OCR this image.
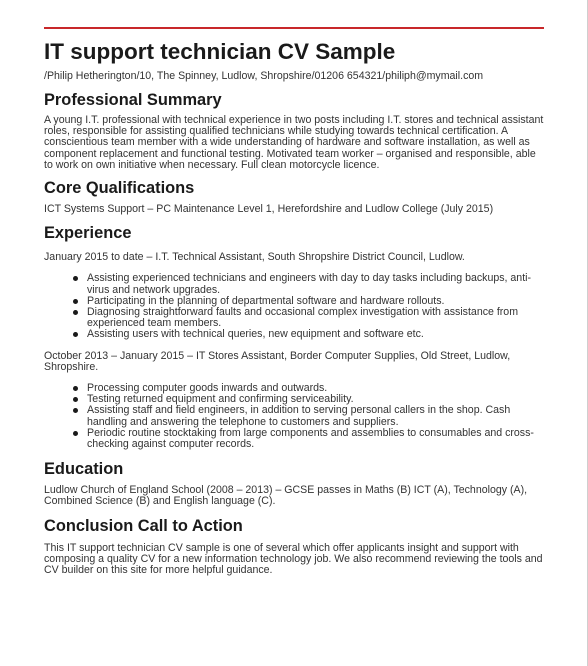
IT support technician CV Sample
/Philip Hetherington/10, The Spinney, Ludlow, Shropshire/01206 654321/philiph@mymail.com
Professional Summary

A young I.T. professional with technical experience in two posts including I.T. stores and technical assistant roles, responsible for assisting qualified technicians while studying towards technical certification. A conscientious team member with a wide understanding of hardware and software installation, as well as component replacement and functional testing. Motivated team worker – organised and responsible, able to work on own initiative when necessary. Full clean motorcycle licence.

Core Qualifications

ICT Systems Support – PC Maintenance Level 1, Herefordshire and Ludlow College (July 2015)

Experience

January 2015 to date – I.T. Technical Assistant, South Shropshire District Council, Ludlow.

Assisting experienced technicians and engineers with day to day tasks including backups, anti-virus and network upgrades.
Participating in the planning of departmental software and hardware rollouts.
Diagnosing straightforward faults and occasional complex investigation with assistance from experienced team members.
Assisting users with technical queries, new equipment and software etc.

October 2013 – January 2015 – IT Stores Assistant, Border Computer Supplies, Old Street, Ludlow, Shropshire.

Processing computer goods inwards and outwards.
Testing returned equipment and confirming serviceability.
Assisting staff and field engineers, in addition to serving personal callers in the shop. Cash handling and answering the telephone to customers and suppliers.
Periodic routine stocktaking from large components and assemblies to consumables and cross-checking against computer records.
Education

Ludlow Church of England School (2008 – 2013) – GCSE passes in Maths (B) ICT (A), Technology (A), Combined Science (B) and English language (C).

Conclusion Call to Action

This IT support technician CV sample is one of several which offer applicants insight and support with composing a quality CV for a new information technology job. We also recommend reviewing the tools and CV builder on this site for more helpful guidance.
